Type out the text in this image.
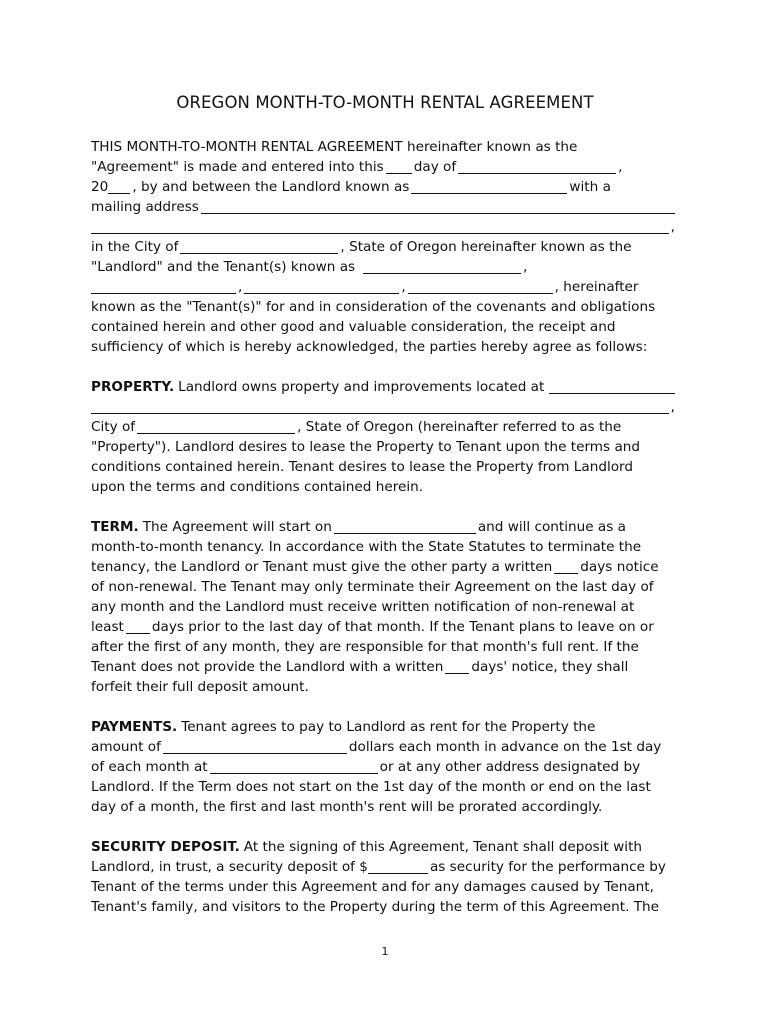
OREGON MONTH-TO-MONTH RENTAL AGREEMENT
THIS MONTH-TO-MONTH RENTAL AGREEMENT hereinafter known as the
"Agreement" is made and entered into this day of	,
20 , by and between the Landlord known as	with a
mailing address
,
in the City of	, State of Oregon hereinafter known as the
"Landlord" and the Tenant(s) known as	,
,	,	, hereinafter
known as the "Tenant(s)" for and in consideration of the covenants and obligations
contained herein and other good and valuable consideration, the receipt and
sufficiency of which is hereby acknowledged, the parties hereby agree as follows:
PROPERTY. Landlord owns property and improvements located at
,
City of	, State of Oregon (hereinafter referred to as the
"Property"). Landlord desires to lease the Property to Tenant upon the terms and
conditions contained herein. Tenant desires to lease the Property from Landlord
upon the terms and conditions contained herein.
TERM. The Agreement will start on	and will continue as a
month-to-month tenancy. In accordance with the State Statutes to terminate the
tenancy, the Landlord or Tenant must give the other party a written days notice
of non-renewal. The Tenant may only terminate their Agreement on the last day of
any month and the Landlord must receive written notification of non-renewal at
least days prior to the last day of that month. If the Tenant plans to leave on or
after the first of any month, they are responsible for that month's full rent. If the
Tenant does not provide the Landlord with a written days' notice, they shall
forfeit their full deposit amount.
PAYMENTS. Tenant agrees to pay to Landlord as rent for the Property the
amount of	dollars each month in advance on the 1st day
of each month at	or at any other address designated by
Landlord. If the Term does not start on the 1st day of the month or end on the last
day of a month, the first and last month's rent will be prorated accordingly.
SECURITY DEPOSIT. At the signing of this Agreement, Tenant shall deposit with
Landlord, in trust, a security deposit of $	as security for the performance by
Tenant of the terms under this Agreement and for any damages caused by Tenant,
Tenant's family, and visitors to the Property during the term of this Agreement. The
1
